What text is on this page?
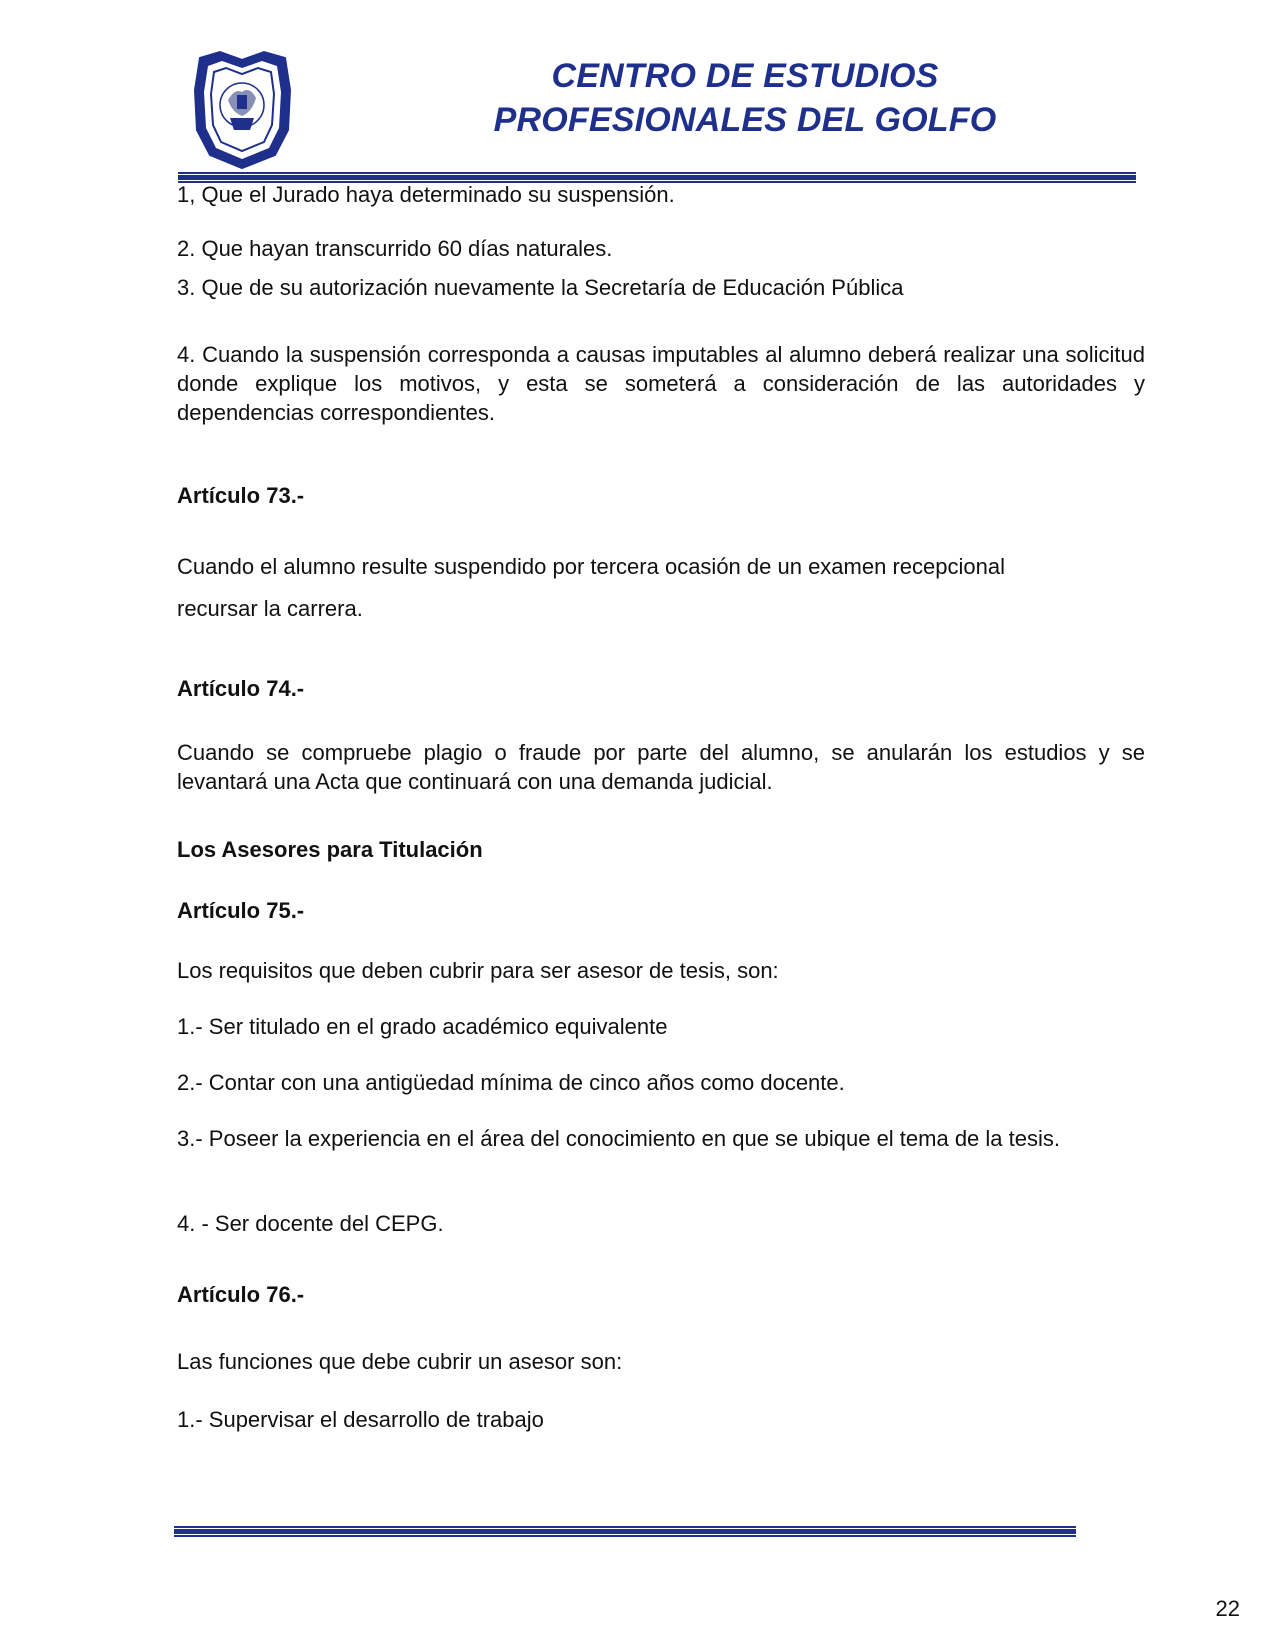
CENTRO DE ESTUDIOS
PROFESIONALES DEL GOLFO
1, Que el Jurado haya determinado su suspensión.
2. Que hayan transcurrido 60 días naturales.
3. Que de su autorización nuevamente la Secretaría de Educación Pública
4. Cuando la suspensión corresponda a causas imputables al alumno deberá realizar una solicitud donde explique los motivos, y esta se someterá a consideración de las autoridades y dependencias correspondientes.
Artículo 73.-
Cuando el alumno resulte suspendido por tercera ocasión de un examen recepcional
recursar la carrera.
Artículo 74.-
Cuando se compruebe plagio o fraude por parte del alumno, se anularán los estudios y se levantará una Acta que continuará con una demanda judicial.
Los Asesores para Titulación
Artículo 75.-
Los requisitos que deben cubrir para ser asesor de tesis, son:
1.- Ser titulado en el grado académico equivalente
2.- Contar con una antigüedad mínima de cinco años como docente.
3.- Poseer la experiencia en el área del conocimiento en que se ubique el tema de la tesis.
4. - Ser docente del CEPG.
Artículo 76.-
Las funciones que debe cubrir un asesor son:
1.- Supervisar el desarrollo de trabajo
22
